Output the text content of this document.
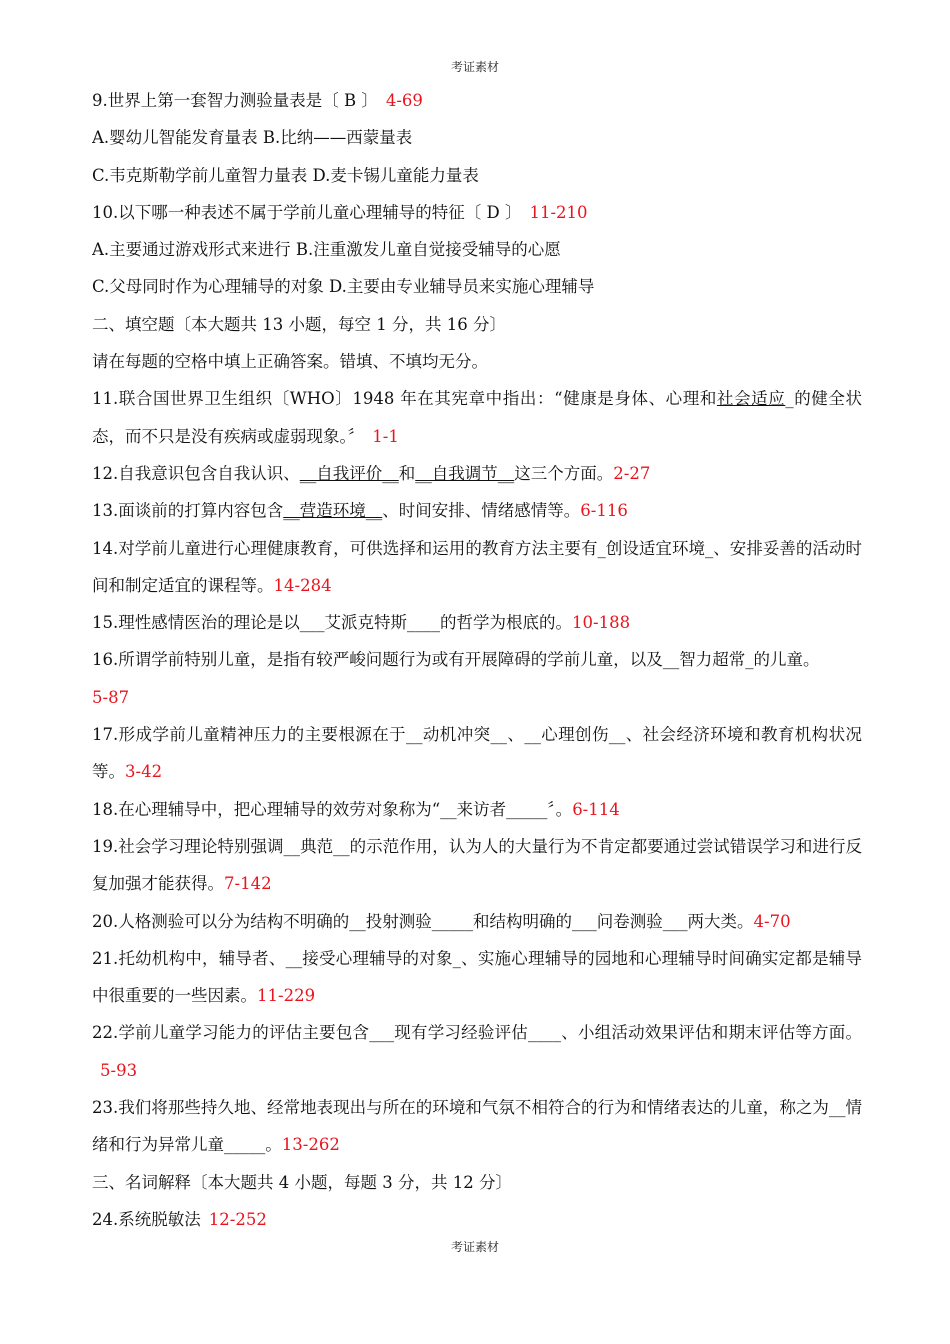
考证素材
9.世界上第一套智力测验量表是〔 B 〕 4-69
A.婴幼儿智能发育量表 B.比纳——西蒙量表
C.韦克斯勒学前儿童智力量表 D.麦卡锡儿童能力量表
10.以下哪一种表述不属于学前儿童心理辅导的特征〔 D 〕 11-210
A.主要通过游戏形式来进行 B.注重激发儿童自觉接受辅导的心愿
C.父母同时作为心理辅导的对象 D.主要由专业辅导员来实施心理辅导
二、填空题〔本大题共 13 小题，每空 1 分，共 16 分〕
请在每题的空格中填上正确答案。错填、不填均无分。
11.联合国世界卫生组织〔WHO〕1948 年在其宪章中指出：“健康是身体、心理和社会适应_的健全状态，而不只是没有疾病或虚弱现象。〞 1-1
12.自我意识包含自我认识、__自我评价__和__自我调节__这三个方面。2-27
13.面谈前的打算内容包含__营造环境__、时间安排、情绪感情等。6-116
14.对学前儿童进行心理健康教育，可供选择和运用的教育方法主要有_创设适宜环境_、安排妥善的活动时间和制定适宜的课程等。14-284
15.理性感情医治的理论是以___艾派克特斯____的哲学为根底的。10-188
16.所谓学前特别儿童，是指有较严峻问题行为或有开展障碍的学前儿童，以及__智力超常_的儿童。
5-87
17.形成学前儿童精神压力的主要根源在于__动机冲突__、__心理创伤__、社会经济环境和教育机构状况等。3-42
18.在心理辅导中，把心理辅导的效劳对象称为“__来访者_____〞。6-114
19.社会学习理论特别强调__典范__的示范作用，认为人的大量行为不肯定都要通过尝试错误学习和进行反复加强才能获得。7-142
20.人格测验可以分为结构不明确的__投射测验_____和结构明确的___问卷测验___两大类。4-70
21.托幼机构中，辅导者、__接受心理辅导的对象_、实施心理辅导的园地和心理辅导时间确实定都是辅导中很重要的一些因素。11-229
22.学前儿童学习能力的评估主要包含___现有学习经验评估____、小组活动效果评估和期末评估等方面。5-93
23.我们将那些持久地、经常地表现出与所在的环境和气氛不相符合的行为和情绪表达的儿童，称之为__情绪和行为异常儿童_____。13-262
三、名词解释〔本大题共 4 小题，每题 3 分，共 12 分〕
24.系统脱敏法 12-252
考证素材
